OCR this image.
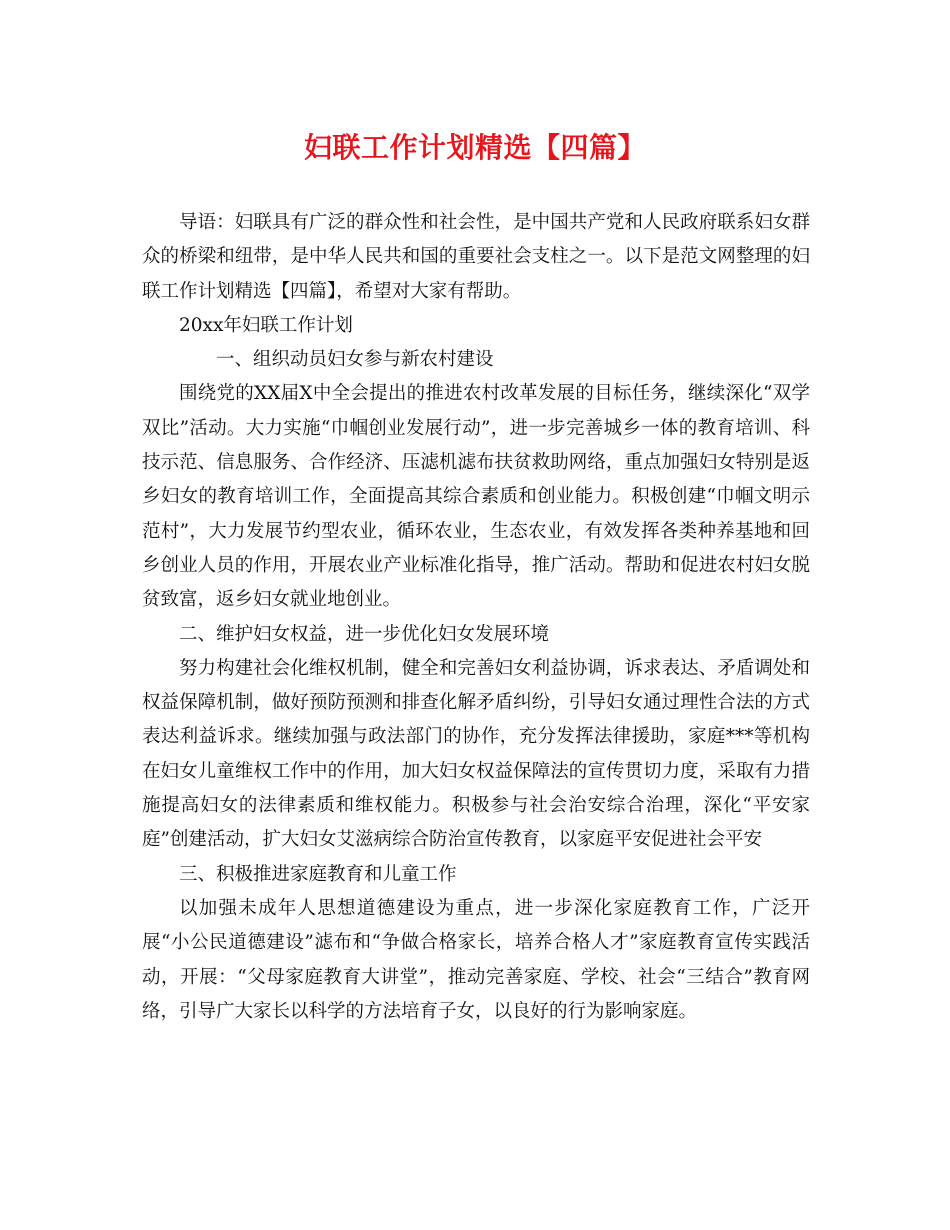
妇联工作计划精选【四篇】

导语：妇联具有广泛的群众性和社会性，是中国共产党和人民政府联系妇女群众的桥梁和纽带，是中华人民共和国的重要社会支柱之一。以下是范文网整理的妇联工作计划精选【四篇】，希望对大家有帮助。

20xx年妇联工作计划

一、组织动员妇女参与新农村建设

围绕党的XX届X中全会提出的推进农村改革发展的目标任务，继续深化“双学双比”活动。大力实施“巾帼创业发展行动”，进一步完善城乡一体的教育培训、科技示范、信息服务、合作经济、压滤机滤布扶贫救助网络，重点加强妇女特别是返乡妇女的教育培训工作，全面提高其综合素质和创业能力。积极创建“巾帼文明示范村”，大力发展节约型农业，循环农业，生态农业，有效发挥各类种养基地和回乡创业人员的作用，开展农业产业标准化指导，推广活动。帮助和促进农村妇女脱贫致富，返乡妇女就业地创业。

二、维护妇女权益，进一步优化妇女发展环境

努力构建社会化维权机制，健全和完善妇女利益协调，诉求表达、矛盾调处和权益保障机制，做好预防预测和排查化解矛盾纠纷，引导妇女通过理性合法的方式表达利益诉求。继续加强与政法部门的协作，充分发挥法律援助，家庭***等机构在妇女儿童维权工作中的作用，加大妇女权益保障法的宣传贯切力度，采取有力措施提高妇女的法律素质和维权能力。积极参与社会治安综合治理，深化“平安家庭”创建活动，扩大妇女艾滋病综合防治宣传教育，以家庭平安促进社会平安

三、积极推进家庭教育和儿童工作

以加强未成年人思想道德建设为重点，进一步深化家庭教育工作，广泛开展“小公民道德建设”滤布和“争做合格家长，培养合格人才”家庭教育宣传实践活动，开展：“父母家庭教育大讲堂”，推动完善家庭、学校、社会“三结合”教育网络，引导广大家长以科学的方法培育子女，以良好的行为影响家庭。
